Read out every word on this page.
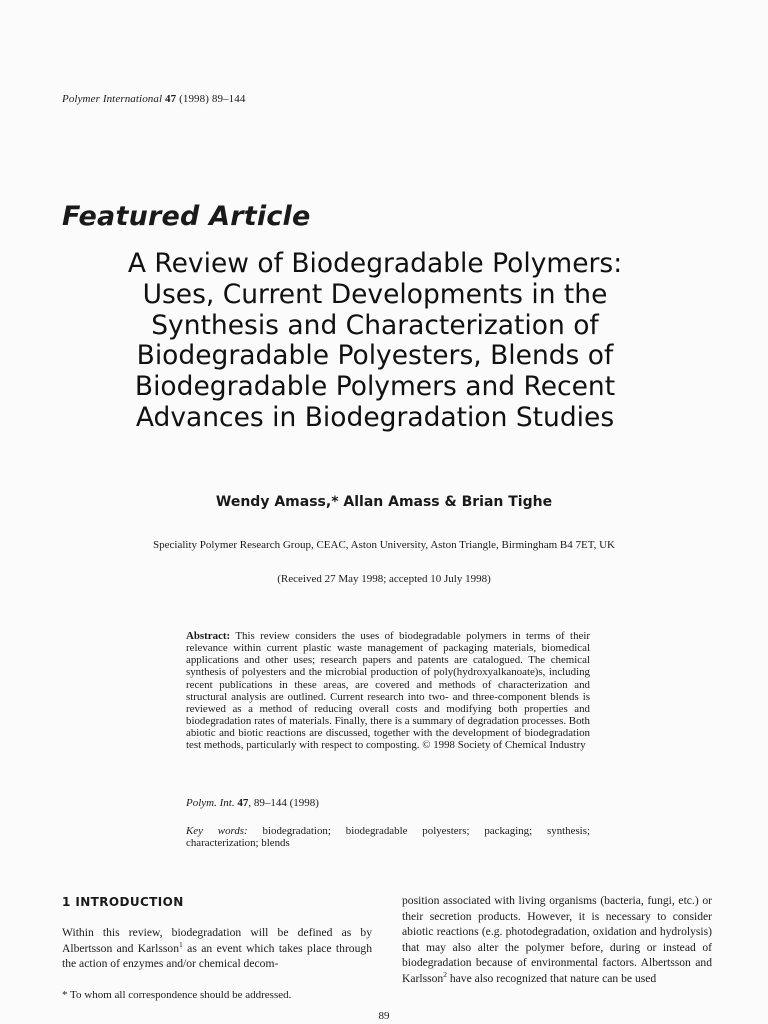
Polymer International 47 (1998) 89–144
Featured Article
A Review of Biodegradable Polymers:
Uses, Current Developments in the
Synthesis and Characterization of
Biodegradable Polyesters, Blends of
Biodegradable Polymers and Recent
Advances in Biodegradation Studies
Wendy Amass,* Allan Amass & Brian Tighe
Speciality Polymer Research Group, CEAC, Aston University, Aston Triangle, Birmingham B4 7ET, UK
(Received 27 May 1998; accepted 10 July 1998)
Abstract: This review considers the uses of biodegradable polymers in terms of their relevance within current plastic waste management of packaging materials, biomedical applications and other uses; research papers and patents are catalogued. The chemical synthesis of polyesters and the microbial production of poly(hydroxyalkanoate)s, including recent publications in these areas, are covered and methods of characterization and structural analysis are outlined. Current research into two- and three-component blends is reviewed as a method of reducing overall costs and modifying both properties and biodegradation rates of materials. Finally, there is a summary of degradation processes. Both abiotic and biotic reactions are discussed, together with the development of biodegradation test methods, particularly with respect to composting. © 1998 Society of Chemical Industry
Polym. Int. 47, 89–144 (1998)
Key words: biodegradation; biodegradable polyesters; packaging; synthesis; characterization; blends
1 INTRODUCTION
Within this review, biodegradation will be defined as by Albertsson and Karlsson$^1$ as an event which takes place through the action of enzymes and/or chemical decom-
position associated with living organisms (bacteria, fungi, etc.) or their secretion products. However, it is necessary to consider abiotic reactions (e.g. photodegradation, oxidation and hydrolysis) that may also alter the polymer before, during or instead of biodegradation because of environmental factors. Albertsson and Karlsson$^2$ have also recognized that nature can be used
* To whom all correspondence should be addressed.
89
